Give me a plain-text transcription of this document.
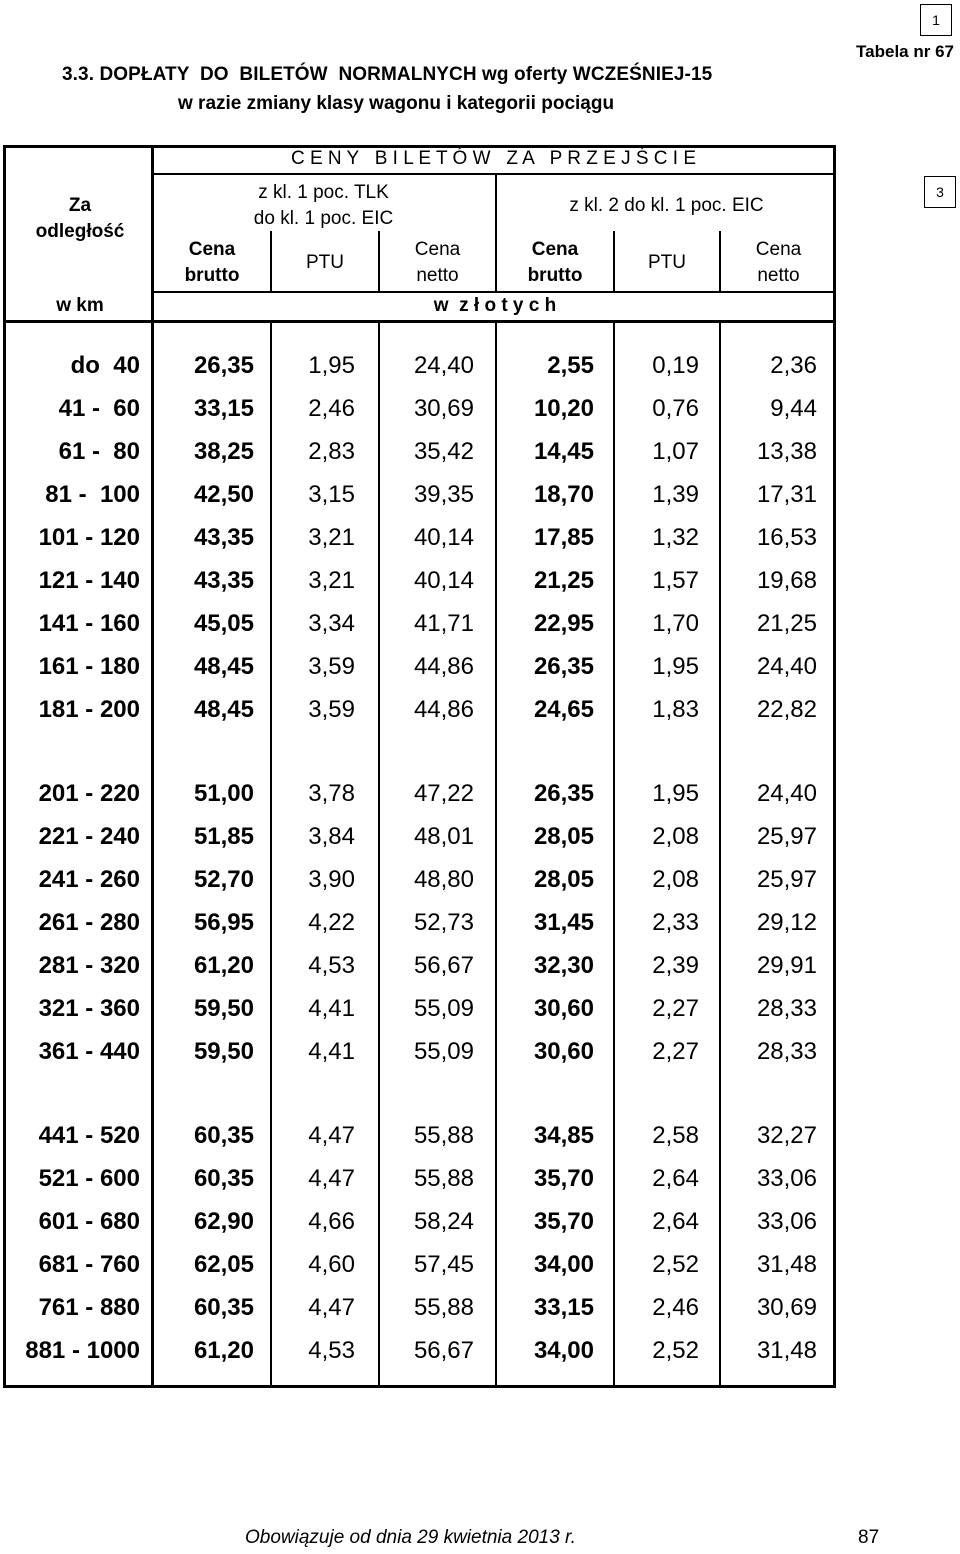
1
3
Tabela nr 67
3.3. DOPŁATY  DO  BILETÓW  NORMALNYCH wg oferty WCZEŚNIEJ-15
w razie zmiany klasy wagonu i kategorii pociągu
Za
odległość
w km
C E N Y   B I L E T Ó W   Z A   P R Z E J Ś C I E
z kl. 1 poc. TLK
do kl. 1 poc. EIC
z kl. 2 do kl. 1 poc. EIC
Cena
brutto
PTU
Cena
netto
Cena
brutto
PTU
Cena
netto
w  z ł o t y c h
do  40	26,35	1,95	24,40	2,55	0,19	2,36
41 -  60	33,15	2,46	30,69	10,20	0,76	9,44
61 -  80	38,25	2,83	35,42	14,45	1,07	13,38
81 -  100	42,50	3,15	39,35	18,70	1,39	17,31
101 - 120	43,35	3,21	40,14	17,85	1,32	16,53
121 - 140	43,35	3,21	40,14	21,25	1,57	19,68
141 - 160	45,05	3,34	41,71	22,95	1,70	21,25
161 - 180	48,45	3,59	44,86	26,35	1,95	24,40
181 - 200	48,45	3,59	44,86	24,65	1,83	22,82
201 - 220	51,00	3,78	47,22	26,35	1,95	24,40
221 - 240	51,85	3,84	48,01	28,05	2,08	25,97
241 - 260	52,70	3,90	48,80	28,05	2,08	25,97
261 - 280	56,95	4,22	52,73	31,45	2,33	29,12
281 - 320	61,20	4,53	56,67	32,30	2,39	29,91
321 - 360	59,50	4,41	55,09	30,60	2,27	28,33
361 - 440	59,50	4,41	55,09	30,60	2,27	28,33
441 - 520	60,35	4,47	55,88	34,85	2,58	32,27
521 - 600	60,35	4,47	55,88	35,70	2,64	33,06
601 - 680	62,90	4,66	58,24	35,70	2,64	33,06
681 - 760	62,05	4,60	57,45	34,00	2,52	31,48
761 - 880	60,35	4,47	55,88	33,15	2,46	30,69
881 - 1000	61,20	4,53	56,67	34,00	2,52	31,48
Obowiązuje od dnia 29 kwietnia 2013 r.	87
